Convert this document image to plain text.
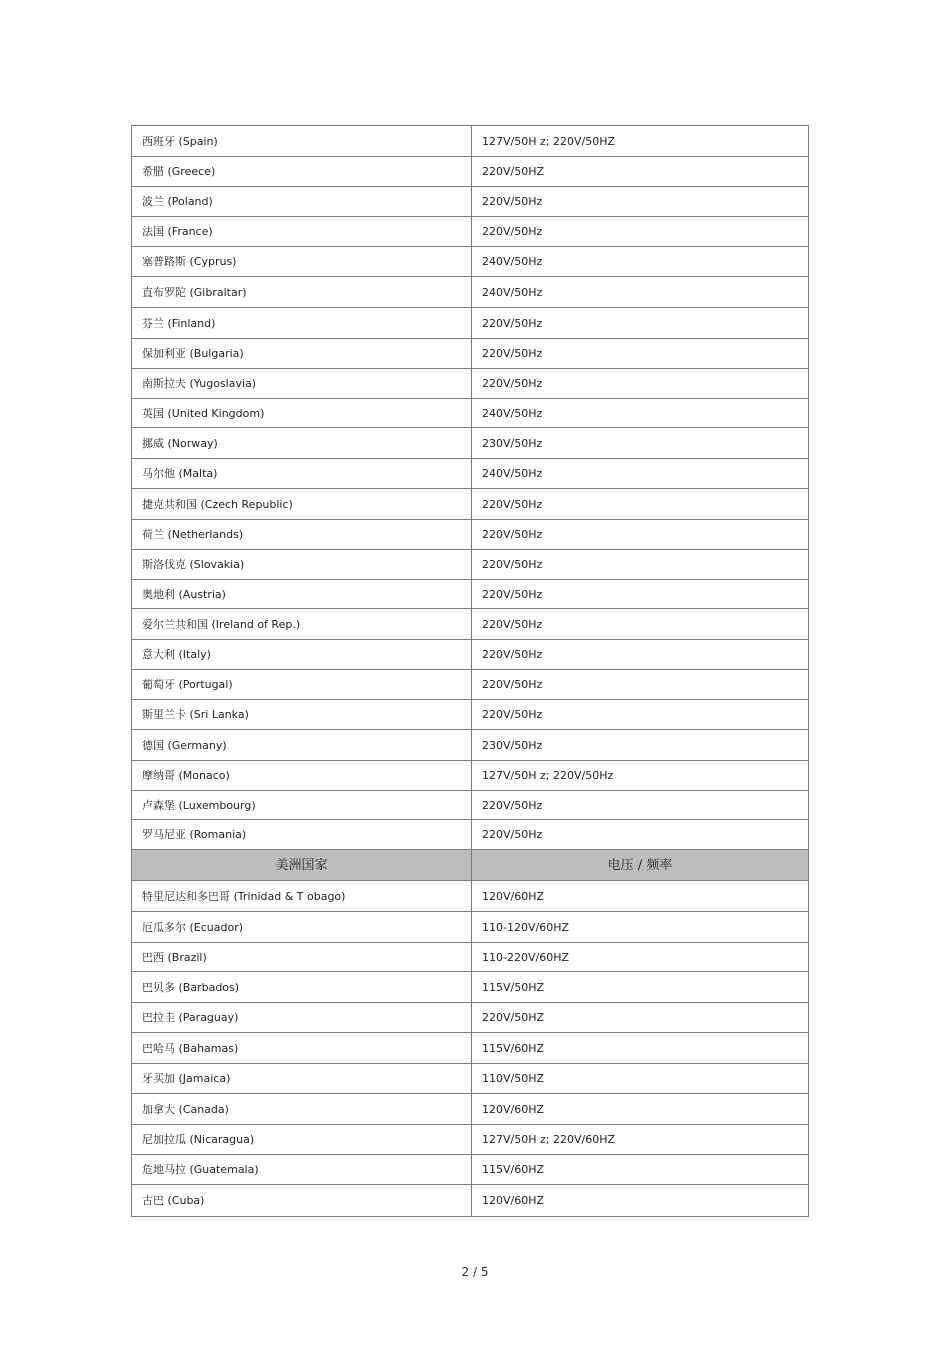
西班牙 (Spain)	127V/50H z; 220V/50HZ
希腊 (Greece)	220V/50HZ
波兰 (Poland)	220V/50Hz
法国 (France)	220V/50Hz
塞普路斯 (Cyprus)	240V/50Hz
直布罗陀 (Gibraltar)	240V/50Hz
芬兰 (Finland)	220V/50Hz
保加利亚 (Bulgaria)	220V/50Hz
南斯拉夫 (Yugoslavia)	220V/50Hz
英国 (United Kingdom)	240V/50Hz
挪威 (Norway)	230V/50Hz
马尔他 (Malta)	240V/50Hz
捷克共和国 (Czech Republic)	220V/50Hz
荷兰 (Netherlands)	220V/50Hz
斯洛伐克 (Slovakia)	220V/50Hz
奥地利 (Austria)	220V/50Hz
爱尔兰共和国 (Ireland of Rep.)	220V/50Hz
意大利 (Italy)	220V/50Hz
葡萄牙 (Portugal)	220V/50Hz
斯里兰卡 (Sri Lanka)	220V/50Hz
德国 (Germany)	230V/50Hz
摩纳哥 (Monaco)	127V/50H z; 220V/50Hz
卢森堡 (Luxembourg)	220V/50Hz
罗马尼亚 (Romania)	220V/50Hz
美洲国家	电压 / 频率
特里尼达和多巴哥 (Trinidad & T obago)	120V/60HZ
厄瓜多尔 (Ecuador)	110-120V/60HZ
巴西 (Brazil)	110-220V/60HZ
巴贝多 (Barbados)	115V/50HZ
巴拉圭 (Paraguay)	220V/50HZ
巴哈马 (Bahamas)	115V/60HZ
牙买加 (Jamaica)	110V/50HZ
加拿大 (Canada)	120V/60HZ
尼加拉瓜 (Nicaragua)	127V/50H z; 220V/60HZ
危地马拉 (Guatemala)	115V/60HZ
古巴 (Cuba)	120V/60HZ
2 / 5
